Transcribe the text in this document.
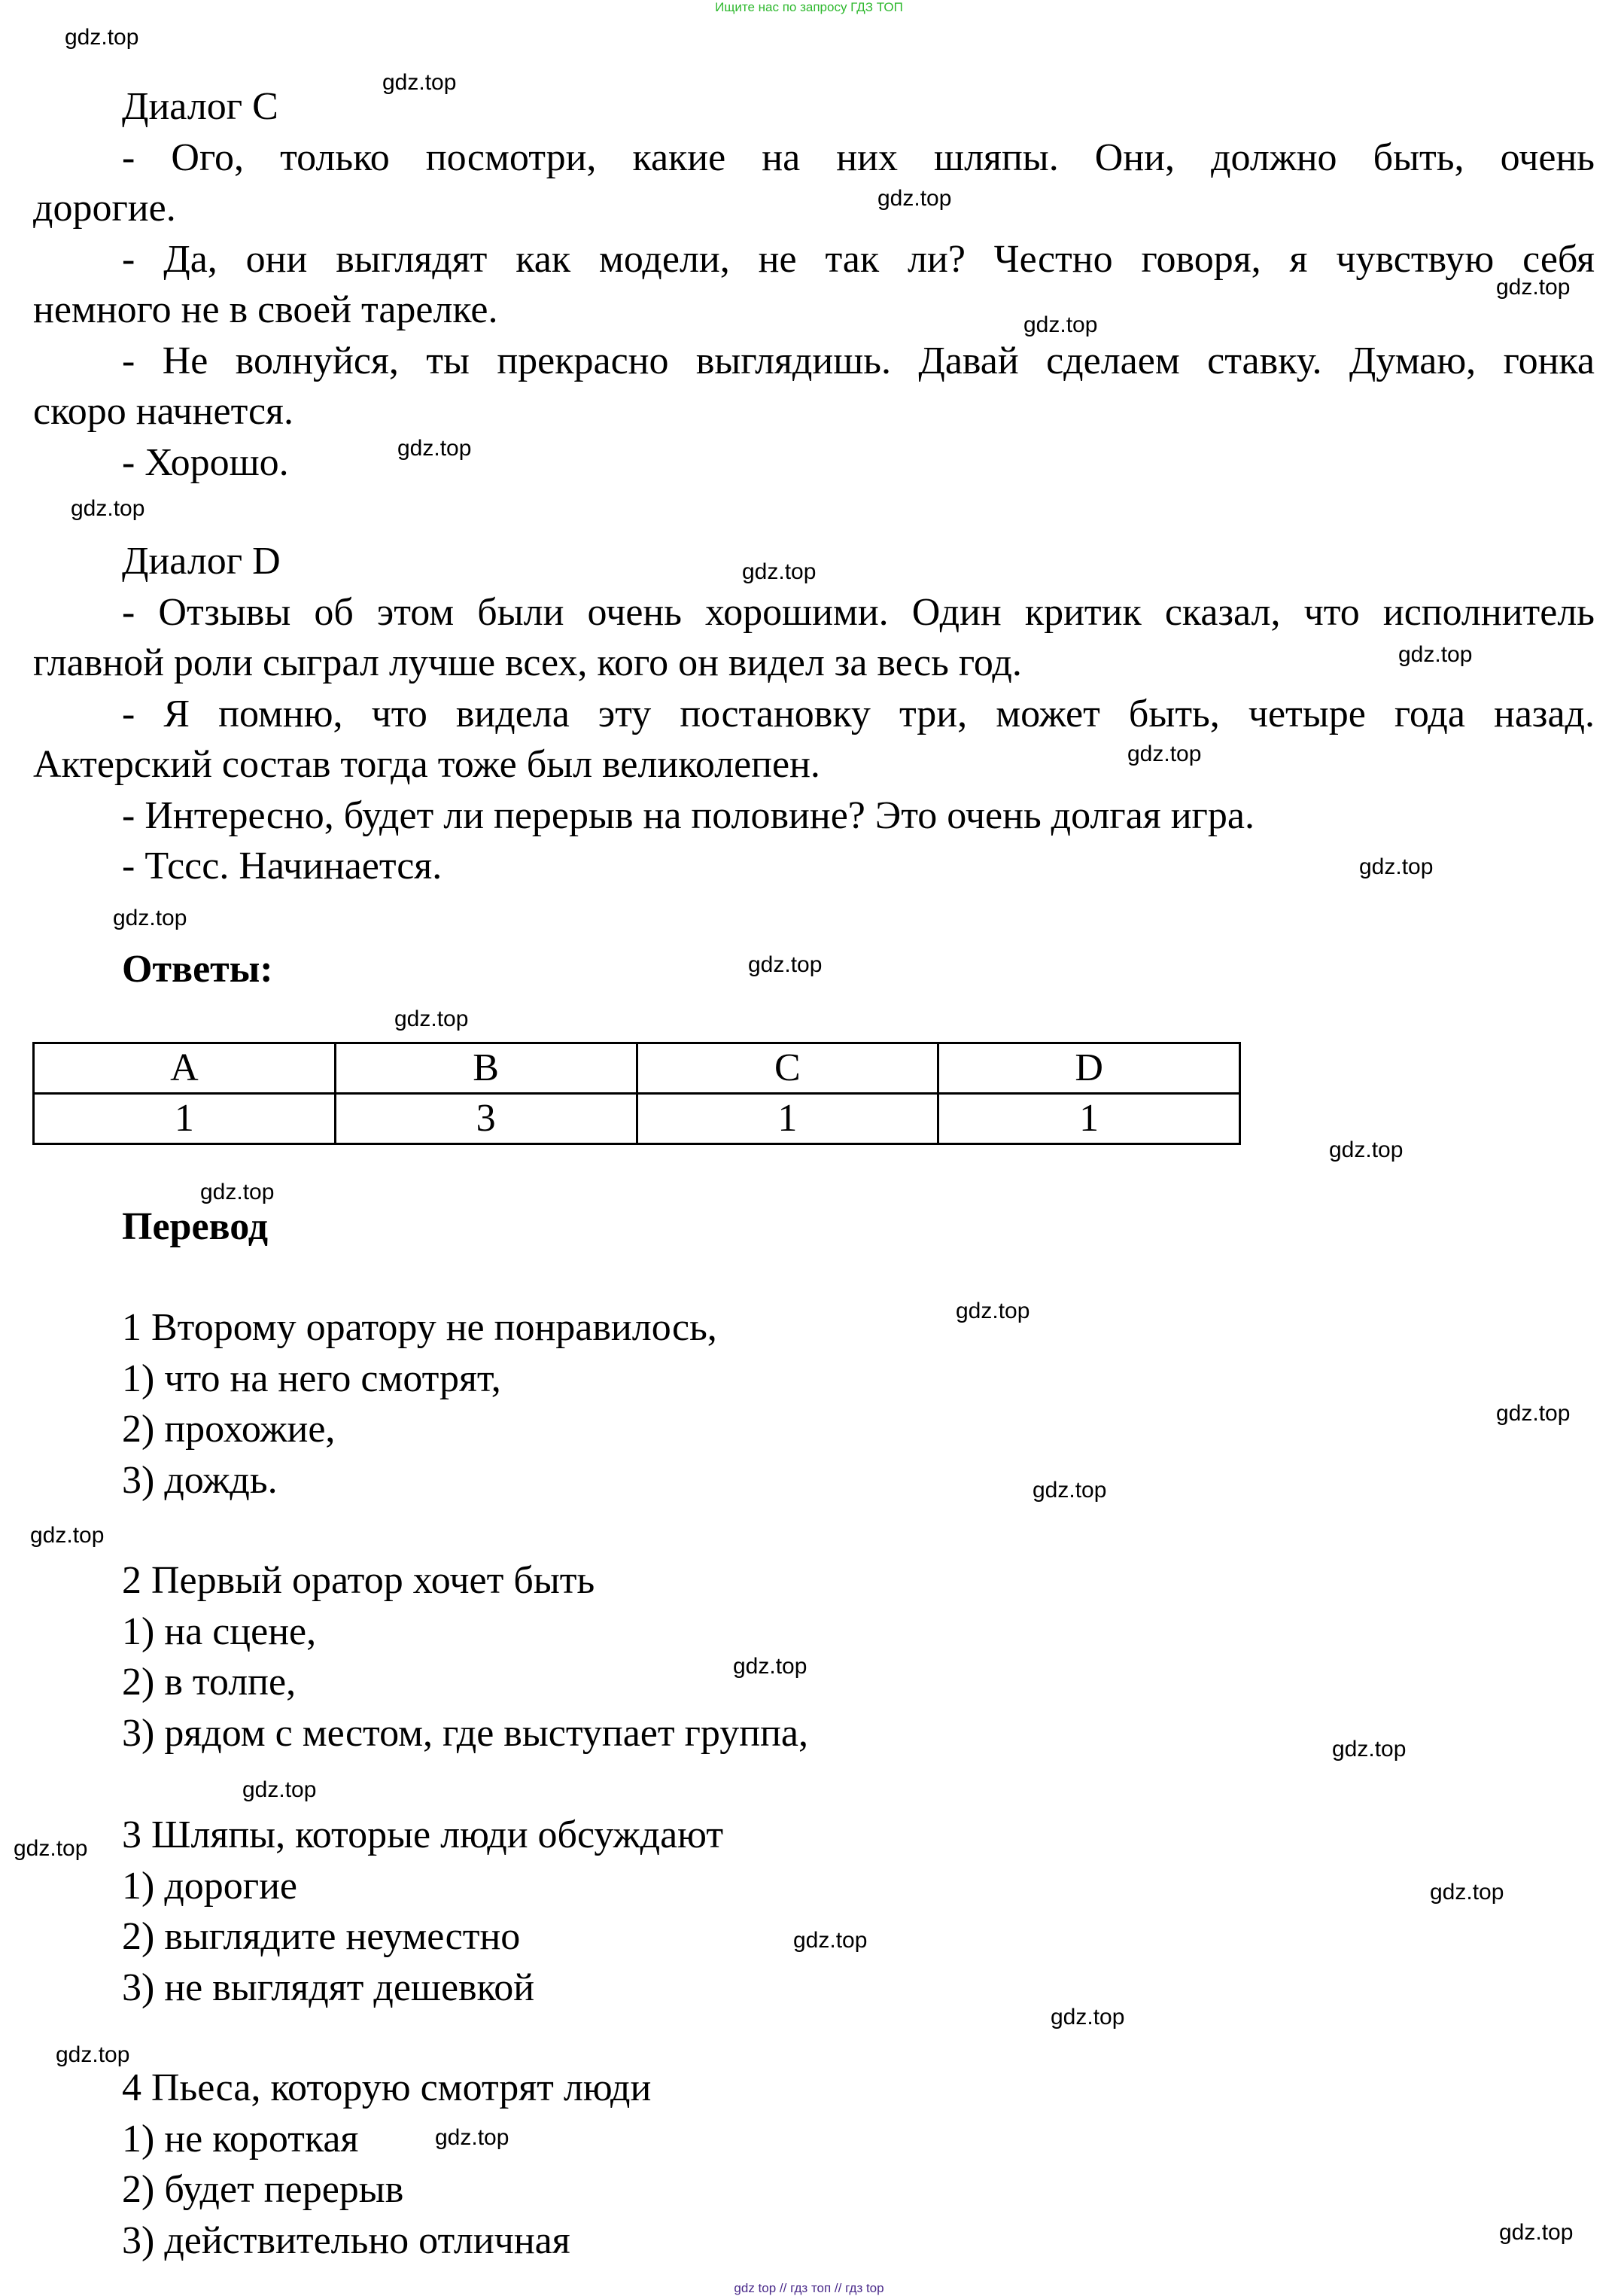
Ищите нас по запросу ГДЗ ТОП
Диалог C
- Ого, только посмотри, какие на них шляпы. Они, должно быть, очень
дорогие.
- Да, они выглядят как модели, не так ли? Честно говоря, я чувствую себя
немного не в своей тарелке.
- Не волнуйся, ты прекрасно выглядишь. Давай сделаем ставку. Думаю, гонка
скоро начнется.
- Хорошо.
Диалог D
- Отзывы об этом были очень хорошими. Один критик сказал, что исполнитель
главной роли сыграл лучше всех, кого он видел за весь год.
- Я помню, что видела эту постановку три, может быть, четыре года назад.
Актерский состав тогда тоже был великолепен.
- Интересно, будет ли перерыв на половине? Это очень долгая игра.
- Тссс. Начинается.
Ответы:
A	B	C	D
1	3	1	1
Перевод
1 Второму оратору не понравилось,
1) что на него смотрят,
2) прохожие,
3) дождь.
2 Первый оратор хочет быть
1) на сцене,
2) в толпе,
3) рядом с местом, где выступает группа,
3 Шляпы, которые люди обсуждают
1) дорогие
2) выглядите неуместно
3) не выглядят дешевкой
4 Пьеса, которую смотрят люди
1) не короткая
2) будет перерыв
3) действительно отличная
gdz.top
gdz.top
gdz.top
gdz.top
gdz.top
gdz.top
gdz.top
gdz.top
gdz.top
gdz.top
gdz.top
gdz.top
gdz.top
gdz.top
gdz.top
gdz.top
gdz.top
gdz.top
gdz.top
gdz.top
gdz.top
gdz.top
gdz.top
gdz.top
gdz.top
gdz.top
gdz.top
gdz.top
gdz.top
gdz.top
gdz top // гдз топ // гдз top
